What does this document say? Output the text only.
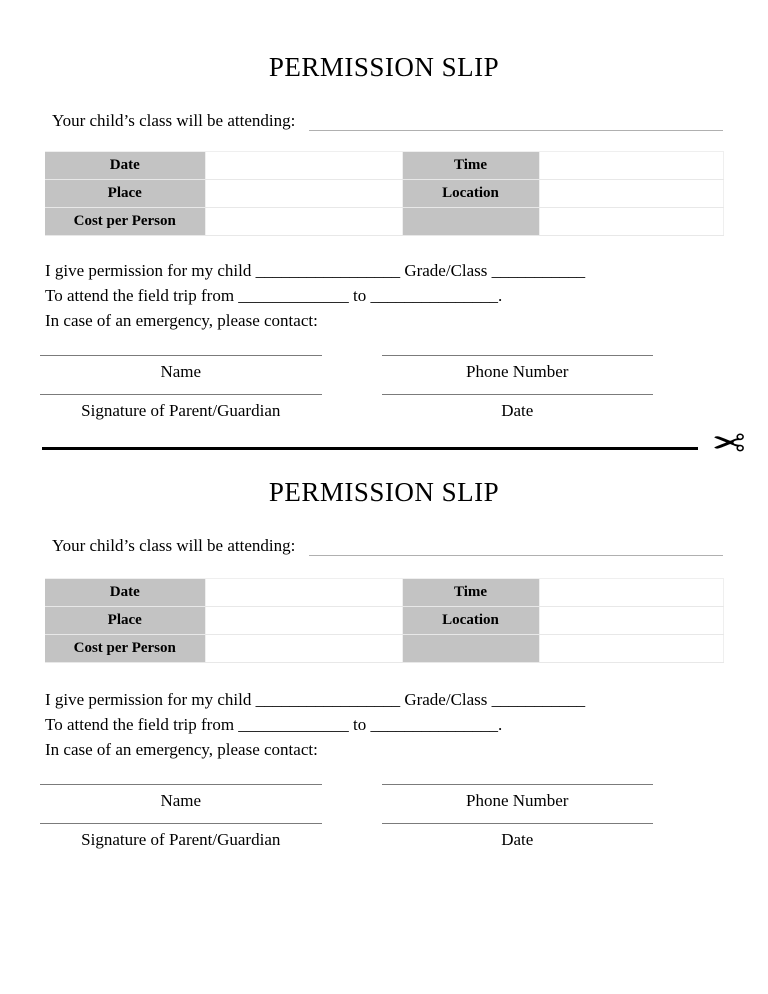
PERMISSION SLIP
Your child’s class will be attending:
Date		Time	
Place		Location	
Cost per Person			
I give permission for my child _________________ Grade/Class ___________
To attend the field trip from _____________ to _______________.
In case of an emergency, please contact:
Name	Phone Number
Signature of Parent/Guardian	Date
✂
PERMISSION SLIP
Your child’s class will be attending:
Date		Time	
Place		Location	
Cost per Person			
I give permission for my child _________________ Grade/Class ___________
To attend the field trip from _____________ to _______________.
In case of an emergency, please contact:
Name	Phone Number
Signature of Parent/Guardian	Date
